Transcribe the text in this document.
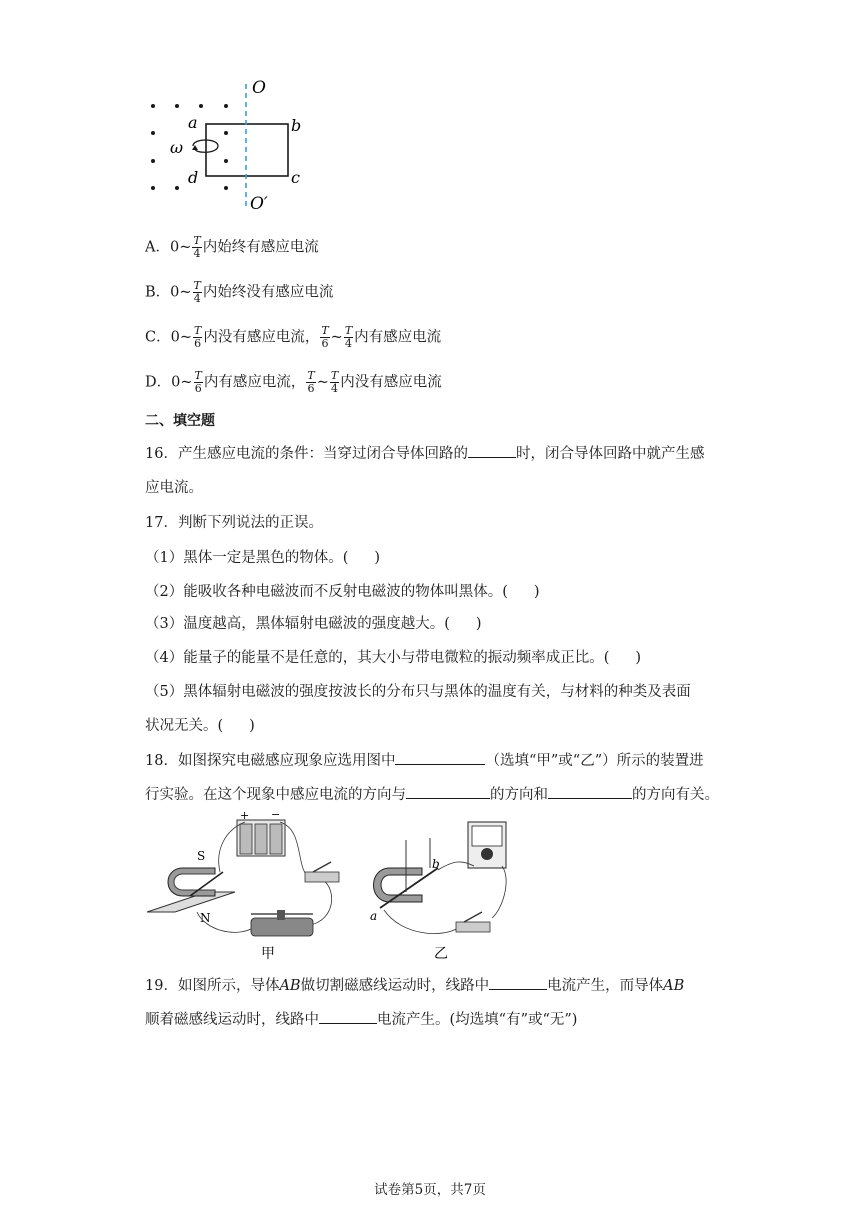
O
O′
a	b
c
d
ω
A．0~ $\frac{T}{4}$ 内始终有感应电流
B．0~ $\frac{T}{4}$ 内始终没有感应电流
C．0~ $\frac{T}{6}$ 内没有感应电流， $\frac{T}{6}$ ~ $\frac{T}{4}$ 内有感应电流
D．0~ $\frac{T}{6}$ 内有感应电流， $\frac{T}{6}$ ~ $\frac{T}{4}$ 内没有感应电流
二、填空题
16．产生感应电流的条件：当穿过闭合导体回路的	时，闭合导体回路中就产生感
应电流。
17．判断下列说法的正误。
（1）黑体一定是黑色的物体。( )
（2）能吸收各种电磁波而不反射电磁波的物体叫黑体。( )
（3）温度越高，黑体辐射电磁波的强度越大。( )
（4）能量子的能量不是任意的，其大小与带电微粒的振动频率成正比。( )
（5）黑体辐射电磁波的强度按波长的分布只与黑体的温度有关，与材料的种类及表面
状况无关。( )
18．如图探究电磁感应现象应选用图中	（选填“甲”或“乙”）所示的装置进
行实验。在这个现象中感应电流的方向与	的方向和	的方向有关。
+ −
S
N
甲
a
b
乙
19．如图所示，导体AB做切割磁感线运动时，线路中	电流产生，而导体AB
顺着磁感线运动时，线路中	电流产生。(均选填“有”或“无”)
试卷第5页，共7页
